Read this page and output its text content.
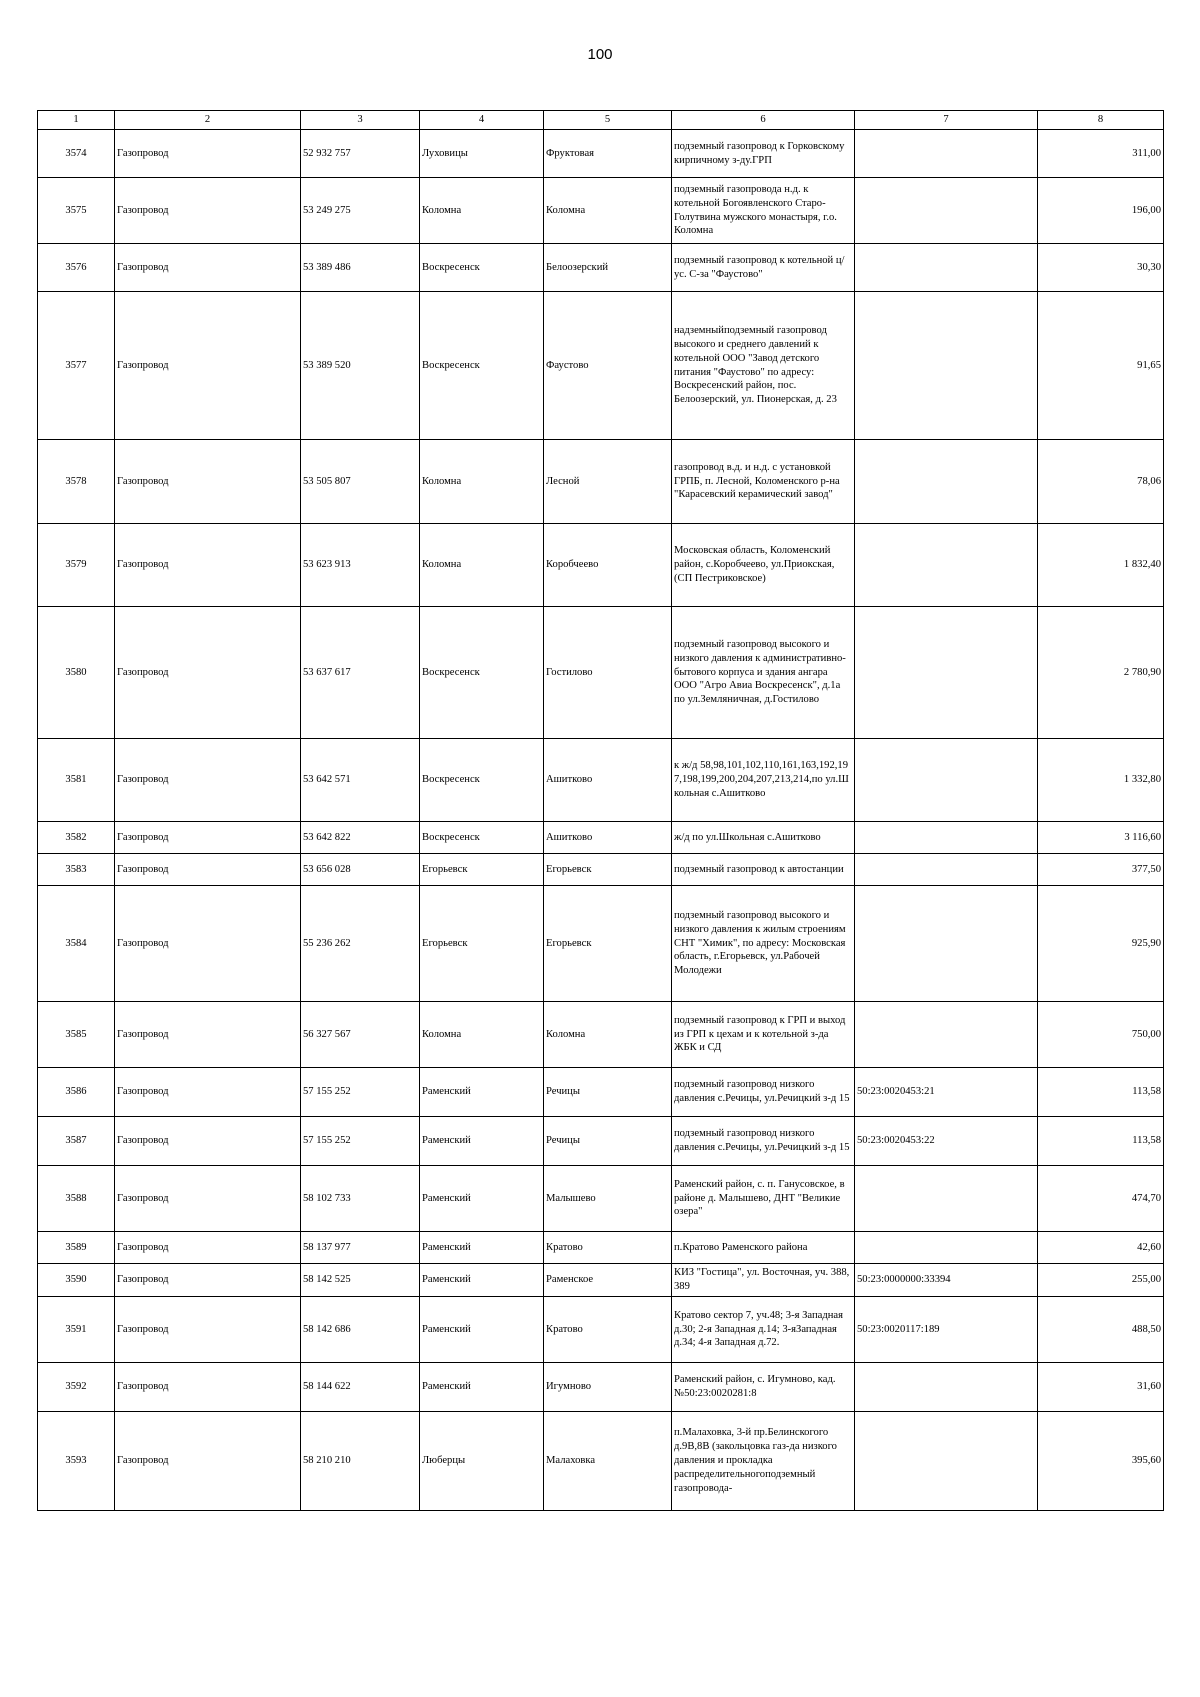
100
1	2	3	4	5	6	7	8
3574	Газопровод	52 932 757	Луховицы	Фруктовая	подземный газопровод к Горковскому кирпичному з-ду.ГРП		311,00
3575	Газопровод	53 249 275	Коломна	Коломна	подземный газопровода н.д. к котельной Богоявленского Старо-Голутвина мужского монастыря, г.о. Коломна		196,00
3576	Газопровод	53 389 486	Воскресенск	Белоозерский	подземный газопровод к котельной ц/ ус. С-за "Фаустово"		30,30
3577	Газопровод	53 389 520	Воскресенск	Фаустово	надземныйподземный газопровод высокого и среднего давлений к котельной ООО "Завод детского питания "Фаустово" по адресу: Воскресенский район, пос. Белоозерский, ул. Пионерская, д. 23		91,65
3578	Газопровод	53 505 807	Коломна	Лесной	газопровод в.д. и н.д. с установкой ГРПБ, п. Лесной, Коломенского р-на "Карасевский керамический завод"		78,06
3579	Газопровод	53 623 913	Коломна	Коробчеево	Московская область, Коломенский район, с.Коробчеево, ул.Приокская, (СП Пестриковское)		1 832,40
3580	Газопровод	53 637 617	Воскресенск	Гостилово	подземный газопровод высокого и низкого давления к административно-бытового корпуса и здания ангара ООО "Агро Авиа Воскресенск", д.1а по ул.Земляничная, д.Гостилово		2 780,90
3581	Газопровод	53 642 571	Воскресенск	Ашитково	к ж/д 58,98,101,102,110,161,163,192,197,198,199,200,204,207,213,214,по ул.Школьная с.Ашитково		1 332,80
3582	Газопровод	53 642 822	Воскресенск	Ашитково	ж/д по ул.Школьная с.Ашитково		3 116,60
3583	Газопровод	53 656 028	Егорьевск	Егорьевск	подземный газопровод к автостанции		377,50
3584	Газопровод	55 236 262	Егорьевск	Егорьевск	подземный газопровод высокого и низкого давления к жилым строениям СНТ "Химик", по адресу: Московская область, г.Егорьевск, ул.Рабочей Молодежи		925,90
3585	Газопровод	56 327 567	Коломна	Коломна	подземный газопровод к ГРП и выход из ГРП к цехам и к котельной з-да ЖБК и СД		750,00
3586	Газопровод	57 155 252	Раменский	Речицы	подземный газопровод низкого давления с.Речицы, ул.Речицкий з-д 15	50:23:0020453:21	113,58
3587	Газопровод	57 155 252	Раменский	Речицы	подземный газопровод низкого давления с.Речицы, ул.Речицкий з-д 15	50:23:0020453:22	113,58
3588	Газопровод	58 102 733	Раменский	Малышево	Раменский район, с. п. Ганусовское, в районе д. Малышево, ДНТ "Великие озера"		474,70
3589	Газопровод	58 137 977	Раменский	Кратово	п.Кратово Раменского района		42,60
3590	Газопровод	58 142 525	Раменский	Раменское	КИЗ "Гостица", ул. Восточная, уч. 388, 389	50:23:0000000:33394	255,00
3591	Газопровод	58 142 686	Раменский	Кратово	Кратово сектор 7, уч.48; 3-я Западная д.30; 2-я Западная д.14; 3-яЗападная д.34; 4-я Западная д.72.	50:23:0020117:189	488,50
3592	Газопровод	58 144 622	Раменский	Игумново	Раменский район, с. Игумново, кад. №50:23:0020281:8		31,60
3593	Газопровод	58 210 210	Люберцы	Малаховка	п.Малаховка, 3-й пр.Белинскогого д.9В,8В (закольцовка газ-да низкого давления и прокладка распределительногоподземный газопровода-		395,60
